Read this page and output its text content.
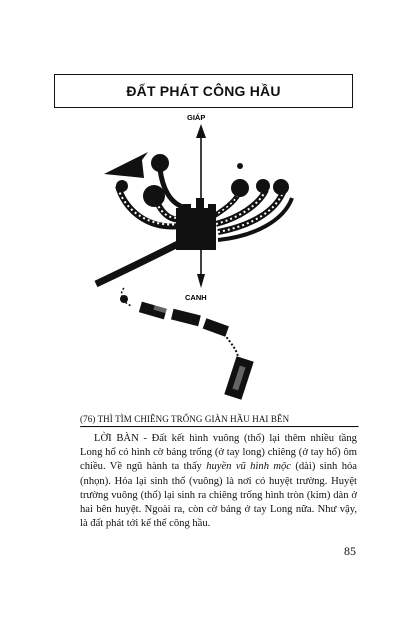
ĐẤT PHÁT CÔNG HẦU
GIÁP
CANH
(76) THÌ TÌM CHIÊNG TRỐNG GIÀN HẦU HAI BÊN

LỜI BÀN - Đất kết hình vuông (thổ) lại thêm nhiều tầng Long hổ có hình cờ bảng trống (ở tay long) chiêng (ở tay hổ) ôm chiều. Về ngũ hành ta thấy huyền vũ hình mộc (dài) sinh hỏa (nhọn). Hỏa lại sinh thổ (vuông) là nơi có huyệt trường. Huyệt trường vuông (thổ) lại sinh ra chiêng trống hình tròn (kim) dàn ở hai bên huyệt. Ngoài ra, còn cờ bảng ở tay Long nữa. Như vậy, là đất phát tới kế thế công hầu.

85
